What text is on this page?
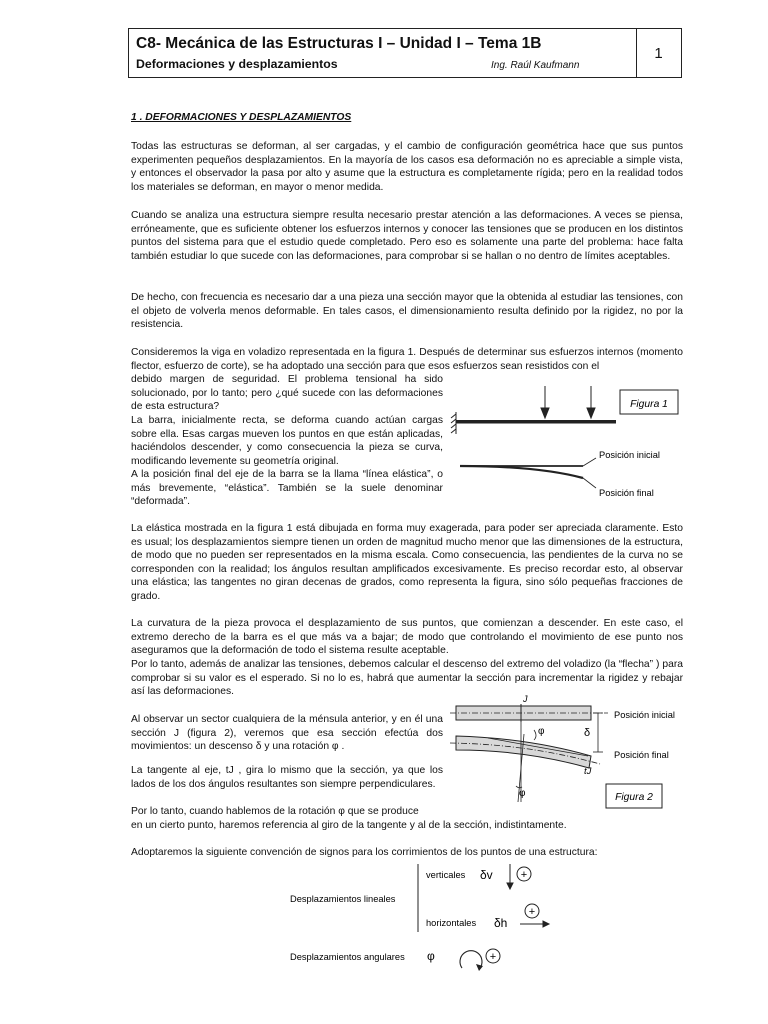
C8- Mecánica de las Estructuras I – Unidad I – Tema 1B
Deformaciones y desplazamientos	Ing. Raúl Kaufmann
1
1 . DEFORMACIONES Y DESPLAZAMIENTOS

Todas las estructuras se deforman, al ser cargadas, y el cambio de configuración geométrica hace que sus puntos experimenten pequeños desplazamientos. En la mayoría de los casos esa deformación no es apreciable a simple vista, y entonces el observador la pasa por alto y asume que la estructura es completamente rígida; pero en la realidad todos los materiales se deforman, en mayor o menor medida.

Cuando se analiza una estructura siempre resulta necesario prestar atención a las deformaciones. A veces se piensa, erróneamente, que es suficiente obtener los esfuerzos internos y conocer las tensiones que se producen en los distintos puntos del sistema para que el estudio quede completado. Pero eso es solamente una parte del problema: hace falta también estudiar lo que sucede con las deformaciones, para comprobar si se hallan o no dentro de límites aceptables.

De hecho, con frecuencia es necesario dar a una pieza una sección mayor que la obtenida al estudiar las tensiones, con el objeto de volverla menos deformable. En tales casos, el dimensionamiento resulta definido por la rigidez, no por la resistencia.

Consideremos la viga en voladizo representada en la figura 1. Después de determinar sus esfuerzos internos (momento flector, esfuerzo de corte), se ha adoptado una sección para que esos esfuerzos sean resistidos con el

debido margen de seguridad. El problema tensional ha sido solucionado, por lo tanto; pero ¿qué sucede con las deformaciones de esta estructura?

La barra, inicialmente recta, se deforma cuando actúan cargas sobre ella. Esas cargas mueven los puntos en que están aplicadas, haciéndolos descender, y como consecuencia la pieza se curva, modificando levemente su geometría original.

A la posición final del eje de la barra se la llama “línea elástica”, o más brevemente, “elástica”. También se la suele denominar “deformada”.

La elástica mostrada en la figura 1 está dibujada en forma muy exagerada, para poder ser apreciada claramente. Esto es usual; los desplazamientos siempre tienen un orden de magnitud mucho menor que las dimensiones de la estructura, de modo que no pueden ser representados en la misma escala. Como consecuencia, las pendientes de la curva no se corresponden con la realidad; los ángulos resultan amplificados excesivamente. Es preciso recordar esto, al observar una elástica; las tangentes no giran decenas de grados, como representa la figura, sino sólo pequeñas fracciones de grado.

La curvatura de la pieza provoca el desplazamiento de sus puntos, que comienzan a descender. En este caso, el extremo derecho de la barra es el que más va a bajar; de modo que controlando el movimiento de ese punto nos aseguramos que la deformación de todo el sistema resulte aceptable.

Por lo tanto, además de analizar las tensiones, debemos calcular el descenso del extremo del voladizo (la “flecha” ) para comprobar si su valor es el esperado. Si no lo es, habrá que aumentar la sección para incrementar la rigidez y rebajar así las deformaciones.

Al observar un sector cualquiera de la ménsula anterior, y en él una sección J (figura 2), veremos que esa sección efectúa dos movimientos: un descenso δ y una rotación φ .

La tangente al eje, tJ , gira lo mismo que la sección, ya que los lados de los dos ángulos resultantes son siempre perpendiculares.

Por lo tanto, cuando hablemos de la rotación φ que se produce

en un cierto punto, haremos referencia al giro de la tangente y al de la sección, indistintamente.

Adoptaremos la siguiente convención de signos para los corrimientos de los puntos de una estructura:

Figura 1
Posición inicial
Posición final
J
φ
φ
δ
tJ
Posición inicial
Posición final
Figura 2
Desplazamientos lineales
verticales δv	+
horizontales δh
+
Desplazamientos angulares φ	+
